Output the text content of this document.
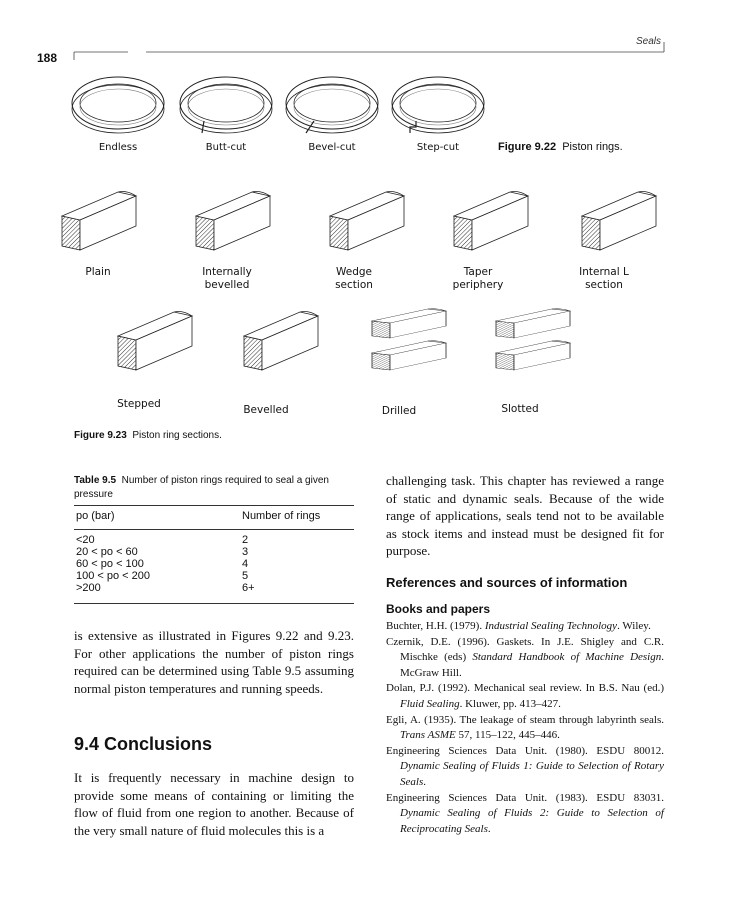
188
Seals
Endless	Butt-cut	Bevel-cut	Step-cut	Figure 9.22 Piston rings.
Plain	Internally
bevelled
Wedge
section
Taper
periphery
Internal L
section
Stepped	Bevelled	Drilled	Slotted
Figure 9.23 Piston ring sections.
Table 9.5 Number of piston rings required to seal a given pressure
po (bar)	Number of rings
<20	2
20 < po < 60	3
60 < po < 100	4
100 < po < 200	5
>200	6+
is extensive as illustrated in Figures 9.22 and 9.23. For other applications the number of piston rings required can be determined using Table 9.5 assuming normal piston temperatures and running speeds.
9.4 Conclusions
It is frequently necessary in machine design to provide some means of containing or limiting the flow of fluid from one region to another. Because of the very small nature of fluid molecules this is a
challenging task. This chapter has reviewed a range of static and dynamic seals. Because of the wide range of applications, seals tend not to be available as stock items and instead must be designed fit for purpose.
References and sources of information
Books and papers

Buchter, H.H. (1979). Industrial Sealing Technology. Wiley.

Czernik, D.E. (1996). Gaskets. In J.E. Shigley and C.R. Mischke (eds) Standard Handbook of Machine Design. McGraw Hill.

Dolan, P.J. (1992). Mechanical seal review. In B.S. Nau (ed.) Fluid Sealing. Kluwer, pp. 413–427.

Egli, A. (1935). The leakage of steam through labyrinth seals. Trans ASME 57, 115–122, 445–446.

Engineering Sciences Data Unit. (1980). ESDU 80012. Dynamic Sealing of Fluids 1: Guide to Selection of Rotary Seals.

Engineering Sciences Data Unit. (1983). ESDU 83031. Dynamic Sealing of Fluids 2: Guide to Selection of Reciprocating Seals.
